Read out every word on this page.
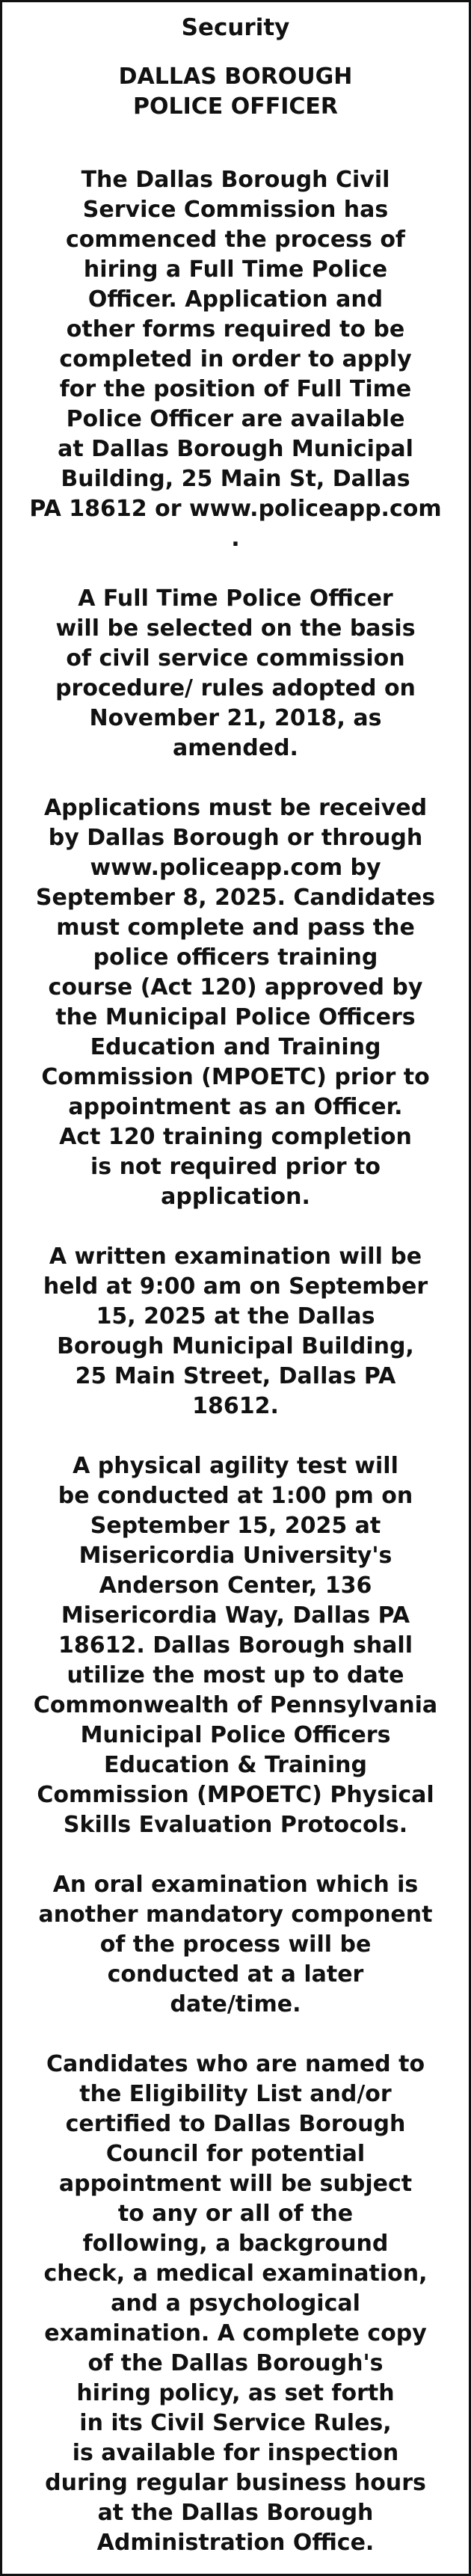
Security
DALLAS BOROUGH
POLICE OFFICER
The Dallas Borough Civil
Service Commission has
commenced the process of
hiring a Full Time Police
Officer. Application and
other forms required to be
completed in order to apply
for the position of Full Time
Police Officer are available
at Dallas Borough Municipal
Building, 25 Main St, Dallas
PA 18612 or www.policeapp.com
.
A Full Time Police Officer
will be selected on the basis
of civil service commission
procedure/ rules adopted on
November 21, 2018, as
amended.
Applications must be received
by Dallas Borough or through
www.policeapp.com by
September 8, 2025. Candidates
must complete and pass the
police officers training
course (Act 120) approved by
the Municipal Police Officers
Education and Training
Commission (MPOETC) prior to
appointment as an Officer.
Act 120 training completion
is not required prior to
application.
A written examination will be
held at 9:00 am on September
15, 2025 at the Dallas
Borough Municipal Building,
25 Main Street, Dallas PA
18612.
A physical agility test will
be conducted at 1:00 pm on
September 15, 2025 at
Misericordia University's
Anderson Center, 136
Misericordia Way, Dallas PA
18612. Dallas Borough shall
utilize the most up to date
Commonwealth of Pennsylvania
Municipal Police Officers
Education & Training
Commission (MPOETC) Physical
Skills Evaluation Protocols.
An oral examination which is
another mandatory component
of the process will be
conducted at a later
date/time.
Candidates who are named to
the Eligibility List and/or
certified to Dallas Borough
Council for potential
appointment will be subject
to any or all of the
following, a background
check, a medical examination,
and a psychological
examination. A complete copy
of the Dallas Borough's
hiring policy, as set forth
in its Civil Service Rules,
is available for inspection
during regular business hours
at the Dallas Borough
Administration Office.
